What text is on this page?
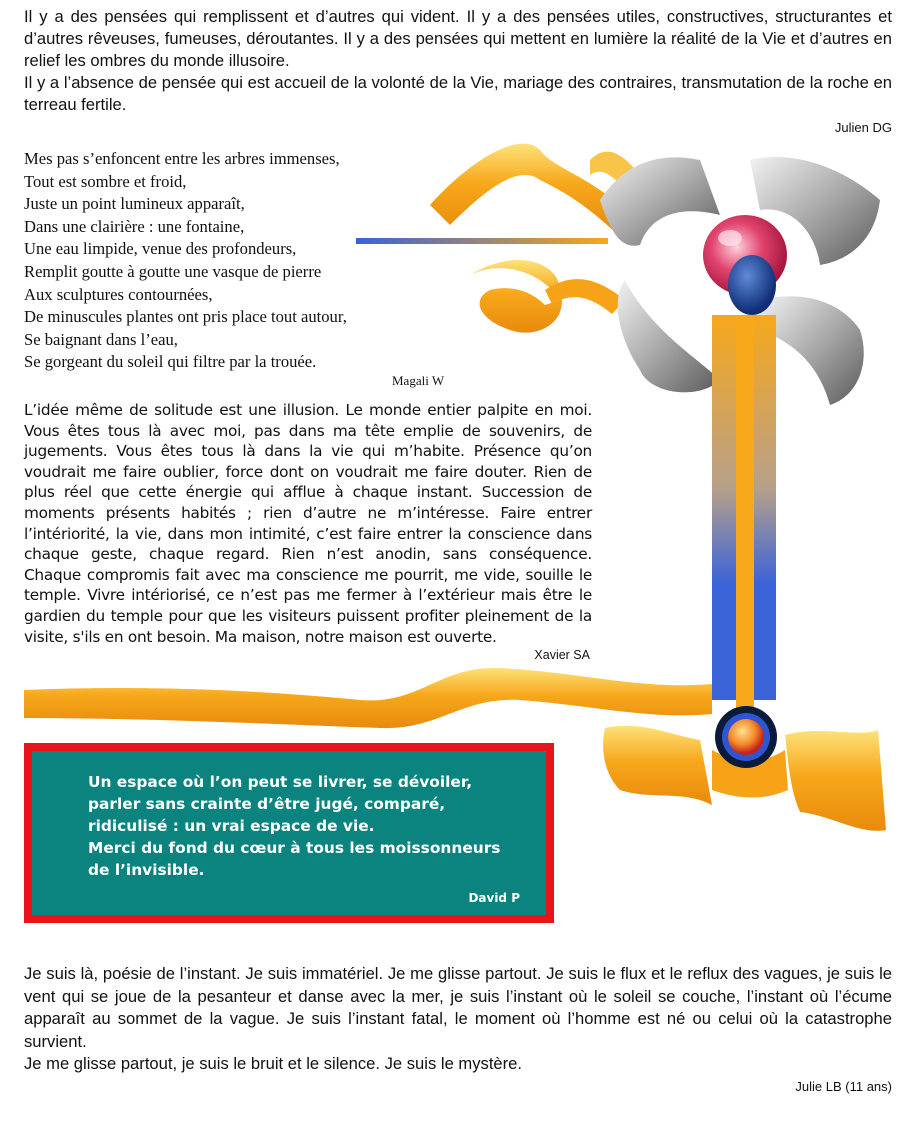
Il y a des pensées qui remplissent et d’autres qui vident. Il y a des pensées utiles, constructives, structurantes et d’autres rêveuses, fumeuses, déroutantes. Il y a des pensées qui mettent en lumière la réalité de la Vie et d’autres en relief les ombres du monde illusoire.

Il y a l’absence de pensée qui est accueil de la volonté de la Vie, mariage des contraires, transmutation de la roche en terreau fertile.

Julien DG
Mes pas s’enfoncent entre les arbres immenses,
Tout est sombre et froid,
Juste un point lumineux apparaît,
Dans une clairière : une fontaine,
Une eau limpide, venue des profondeurs,
Remplit goutte à goutte une vasque de pierre
Aux sculptures contournées,
De minuscules plantes ont pris place tout autour,
Se baignant dans l’eau,
Se gorgeant du soleil qui filtre par la trouée.
Magali W
L’idée même de solitude est une illusion. Le monde entier palpite en moi. Vous êtes tous là avec moi, pas dans ma tête emplie de souvenirs, de jugements. Vous êtes tous là dans la vie qui m’habite. Présence qu’on voudrait me faire oublier, force dont on voudrait me faire douter. Rien de plus réel que cette énergie qui afflue à chaque instant. Succession de moments présents habités ; rien d’autre ne m’intéresse. Faire entrer l’intériorité, la vie, dans mon intimité, c’est faire entrer la conscience dans chaque geste, chaque regard. Rien n’est anodin, sans conséquence. Chaque compromis fait avec ma conscience me pourrit, me vide, souille le temple. Vivre intériorisé, ce n’est pas me fermer à l’extérieur mais être le gardien du temple pour que les visiteurs puissent profiter pleinement de la visite, s'ils en ont besoin. Ma maison, notre maison est ouverte.
Xavier SA

Un espace où l’on peut se livrer, se dévoiler, parler sans crainte d’être jugé, comparé, ridiculisé : un vrai espace de vie.

Merci du fond du cœur à tous les moissonneurs de l’invisible.

David P

Je suis là, poésie de l’instant. Je suis immatériel. Je me glisse partout. Je suis le flux et le reflux des vagues, je suis le vent qui se joue de la pesanteur et danse avec la mer, je suis l’instant où le soleil se couche, l’instant où l’écume apparaît au sommet de la vague. Je suis l’instant fatal, le moment où l’homme est né ou celui où la catastrophe survient.

Je me glisse partout, je suis le bruit et le silence. Je suis le mystère.

Julie LB (11 ans)
